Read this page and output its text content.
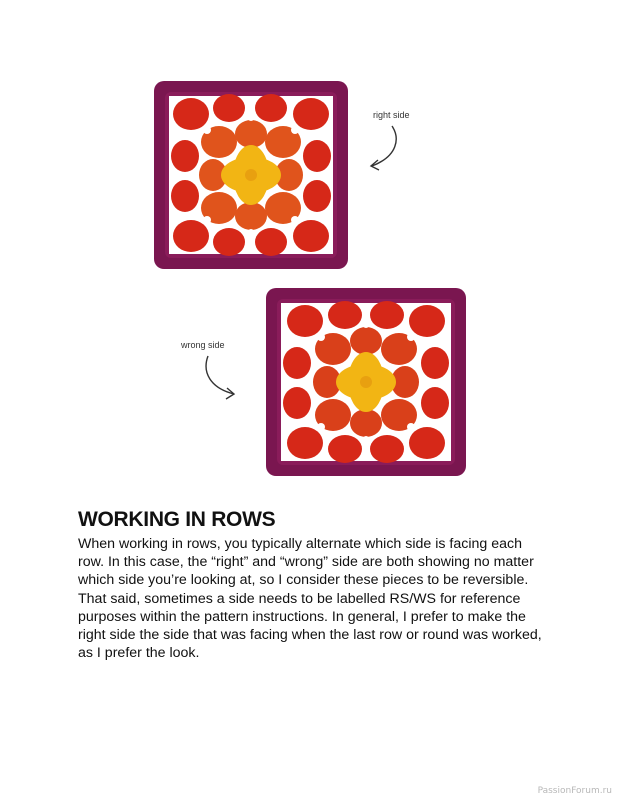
right side
wrong side
WORKING IN ROWS

When working in rows, you typically alternate which side is facing each row. In this case, the “right” and “wrong” side are both showing no matter which side you’re looking at, so I consider these pieces to be reversible. That said, sometimes a side needs to be labelled RS/WS for reference purposes within the pattern instructions. In general, I prefer to make the right side the side that was facing when the last row or round was worked, as I prefer the look.

PassionForum.ru
